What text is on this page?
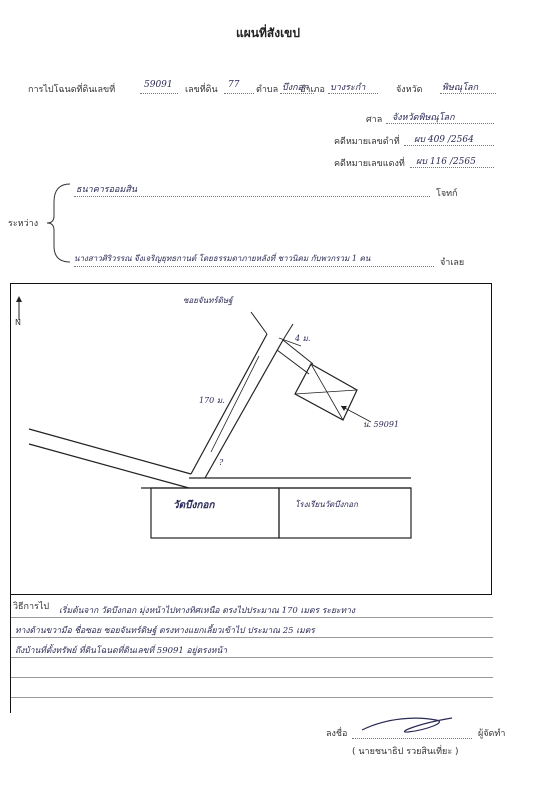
แผนที่สังเขป
การไปโฉนดที่ดินเลขที่	59091 เลขที่ดิน 77 ตำบล บึงกอก
อำเภอ บางระกำ	จังหวัด พิษณุโลก
ศาล จังหวัดพิษณุโลก
คดีหมายเลขดำที่ ผบ 409 /2564
คดีหมายเลขแดงที่ ผบ 116 /2565
ระหว่าง
ธนาคารออมสิน	โจทก์
นางสาวศิริวรรณ จึงเจริญยุทธกานต์ โดยธรรมดาภายหลังที่ ชาวนิคม กับพวกรวม 1 คน	จำเลย
N
ซอยจันทร์ดิษฐ์
4 ม.
170 ม.
น. 59091
?
วัดบึงกอก	โรงเรียนวัดบึงกอก
วิธีการไป เริ่มต้นจาก วัดบึงกอก มุ่งหน้าไปทางทิศเหนือ ตรงไปประมาณ 170 เมตร ระยะทาง
ทางด้านขวามือ ชื่อซอย ซอยจันทร์ดิษฐ์ ตรงทางแยกเลี้ยวเข้าไป ประมาณ 25 เมตร
ถึงบ้านที่ตั้งทรัพย์ ที่ดินโฉนดที่ดินเลขที่ 59091 อยู่ตรงหน้า
ลงชื่อ	ผู้จัดทำ
( นายชนาธิป รวยสินเที่ยะ )
